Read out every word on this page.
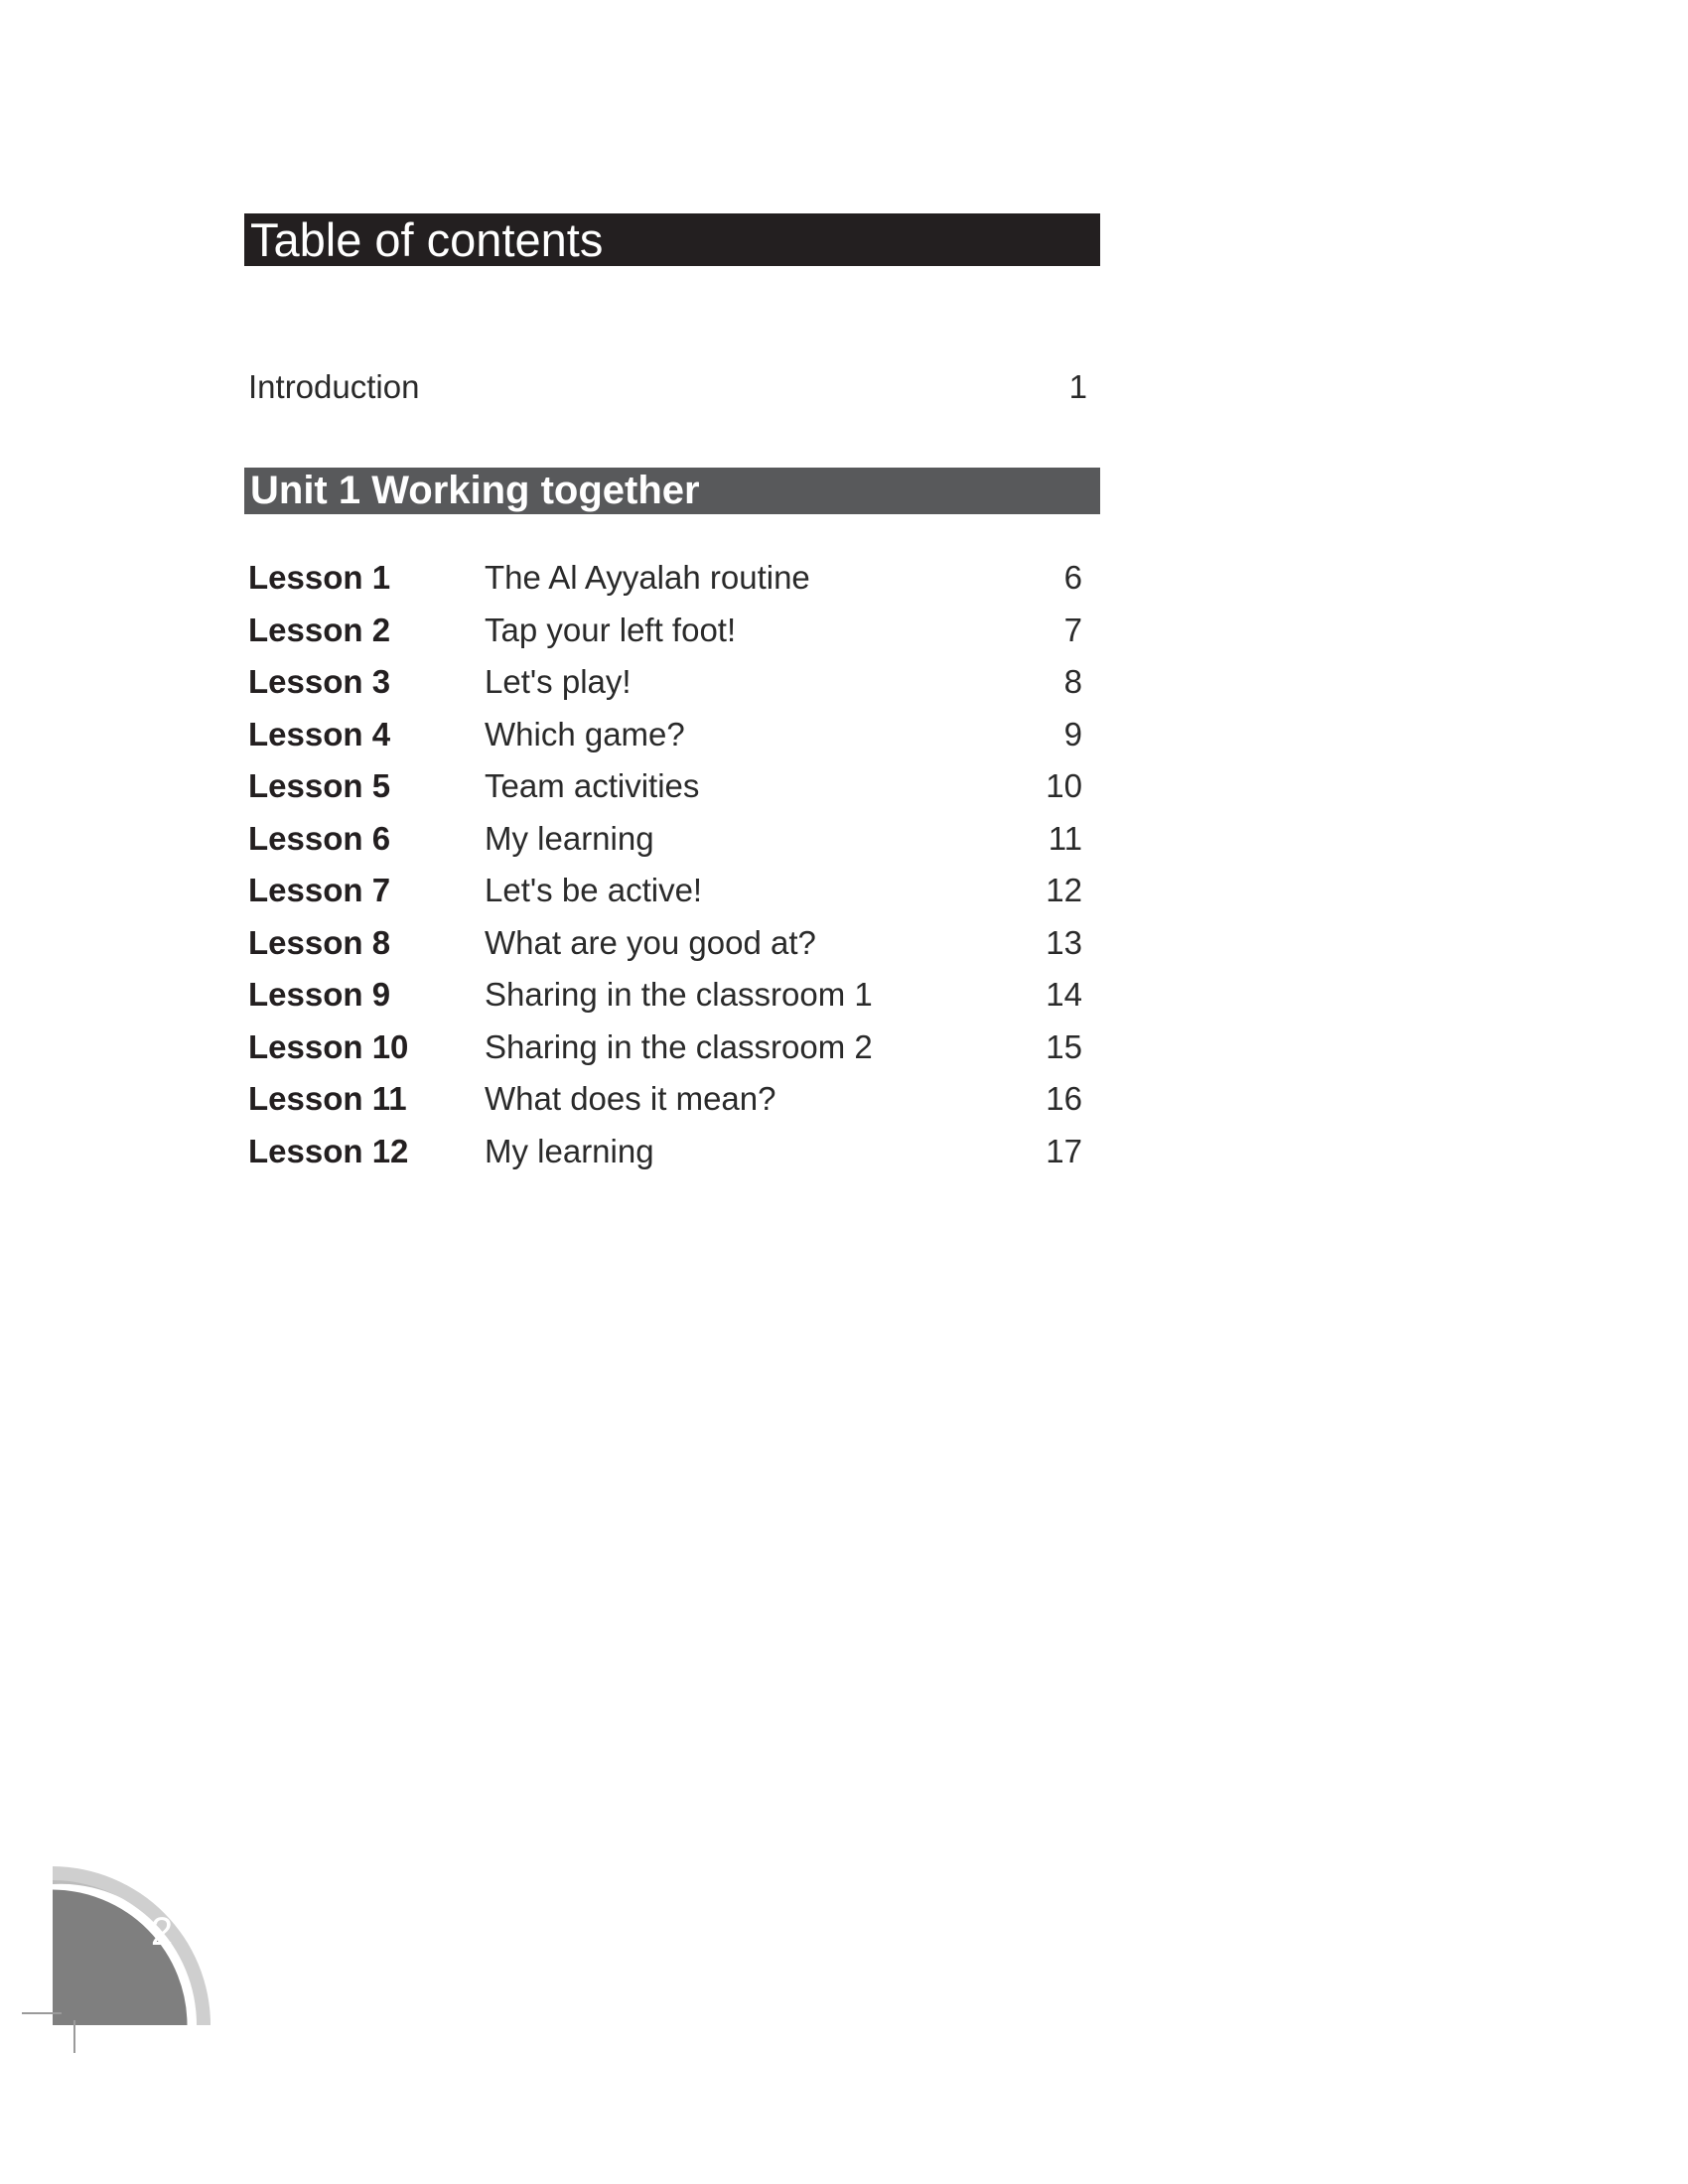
Table of contents
Introduction	1
Unit 1 Working together
Lesson 1	The Al Ayyalah routine	6
Lesson 2	Tap your left foot!	7
Lesson 3	Let's play!	8
Lesson 4	Which game?	9
Lesson 5	Team activities	10
Lesson 6	My learning	11
Lesson 7	Let's be active!	12
Lesson 8	What are you good at?	13
Lesson 9	Sharing in the classroom 1	14
Lesson 10 Sharing in the classroom 2	15
Lesson 11 What does it mean?	16
Lesson 12 My learning	17
2
